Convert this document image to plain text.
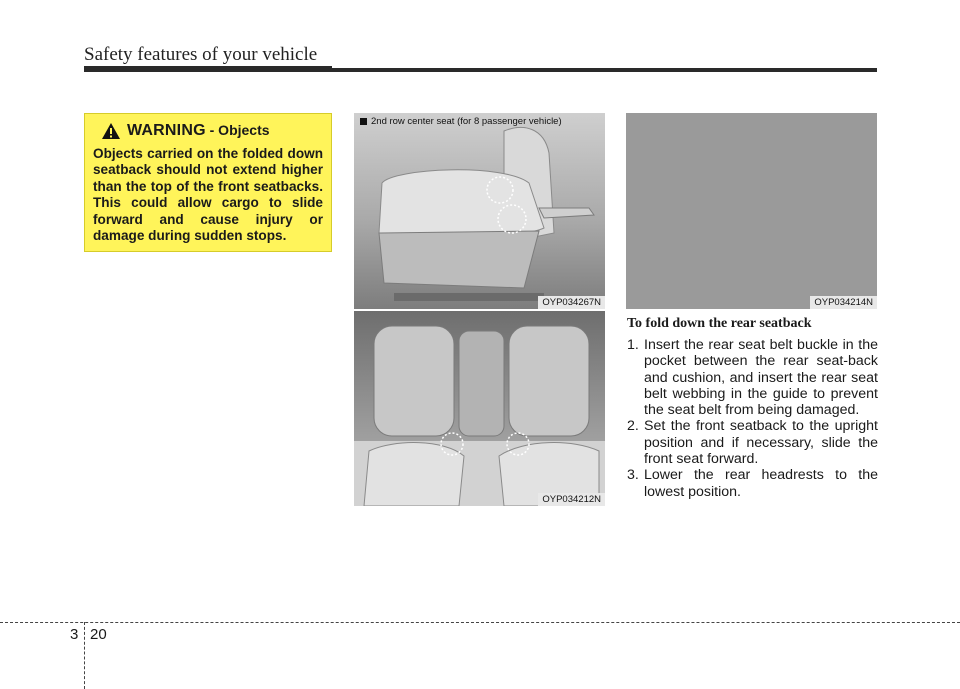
Safety features of your vehicle
WARNING - Objects
Objects carried on the folded down seatback should not extend higher than the top of the front seatbacks. This could allow cargo to slide forward and cause injury or damage during sudden stops.
2nd row center seat (for 8 passenger vehicle)
OYP034267N
OYP034212N
OYP034214N
To fold down the rear seatback
1. Insert the rear seat belt buckle in the pocket between the rear seat-back and cushion, and insert the rear seat belt webbing in the guide to prevent the seat belt from being damaged.
2. Set the front seatback to the upright position and if necessary, slide the front seat forward.
3. Lower the rear headrests to the lowest position.
3 20
